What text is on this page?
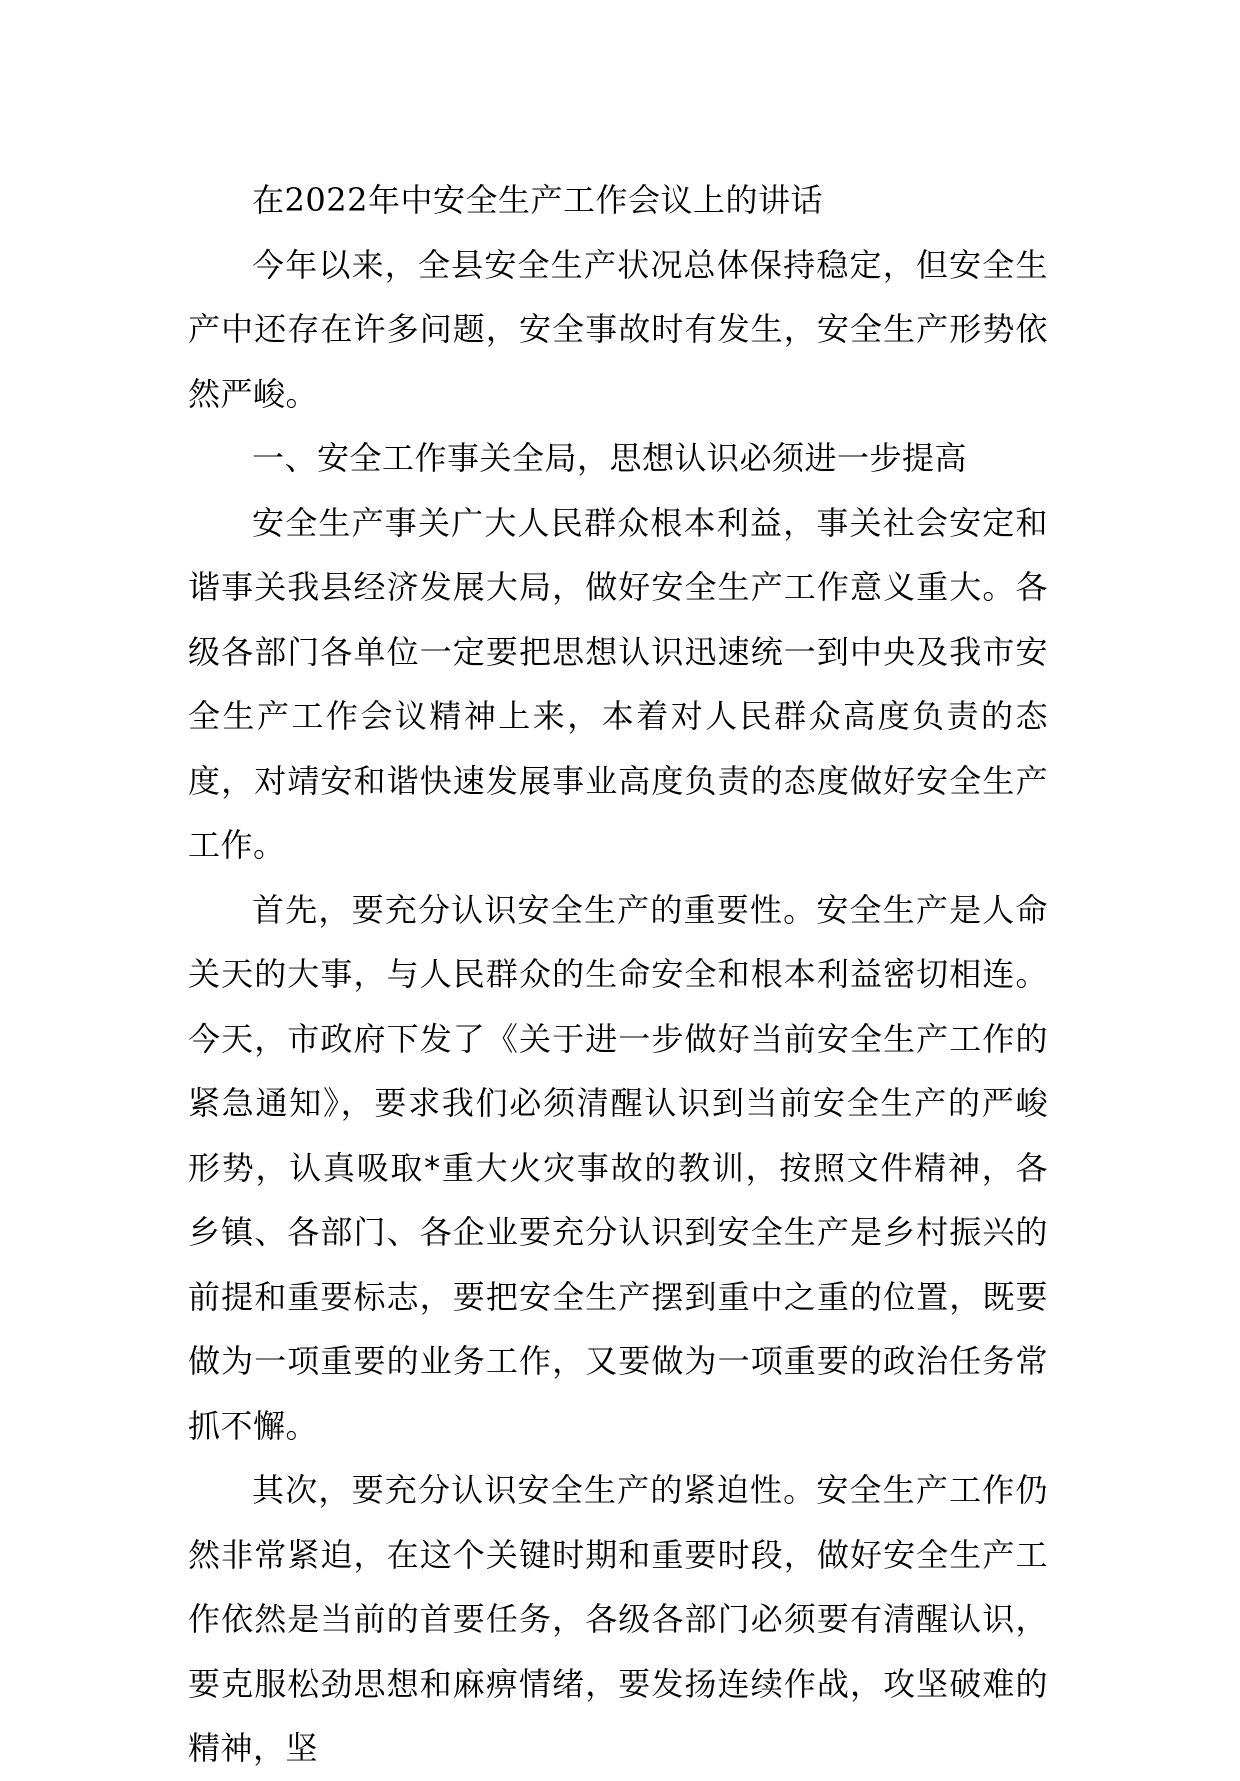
在2022年中安全生产工作会议上的讲话

今年以来，全县安全生产状况总体保持稳定，但安全生产中还存在许多问题，安全事故时有发生，安全生产形势依然严峻。

一、安全工作事关全局，思想认识必须进一步提高

安全生产事关广大人民群众根本利益，事关社会安定和谐事关我县经济发展大局，做好安全生产工作意义重大。各级各部门各单位一定要把思想认识迅速统一到中央及我市安全生产工作会议精神上来，本着对人民群众高度负责的态度，对靖安和谐快速发展事业高度负责的态度做好安全生产工作。

首先，要充分认识安全生产的重要性。安全生产是人命关天的大事，与人民群众的生命安全和根本利益密切相连。今天，市政府下发了《关于进一步做好当前安全生产工作的紧急通知》，要求我们必须清醒认识到当前安全生产的严峻形势，认真吸取*重大火灾事故的教训，按照文件精神，各乡镇、各部门、各企业要充分认识到安全生产是乡村振兴的前提和重要标志，要把安全生产摆到重中之重的位置，既要做为一项重要的业务工作，又要做为一项重要的政治任务常抓不懈。

其次，要充分认识安全生产的紧迫性。安全生产工作仍然非常紧迫，在这个关键时期和重要时段，做好安全生产工作依然是当前的首要任务，各级各部门必须要有清醒认识，要克服松劲思想和麻痹情绪，要发扬连续作战，攻坚破难的精神，坚
